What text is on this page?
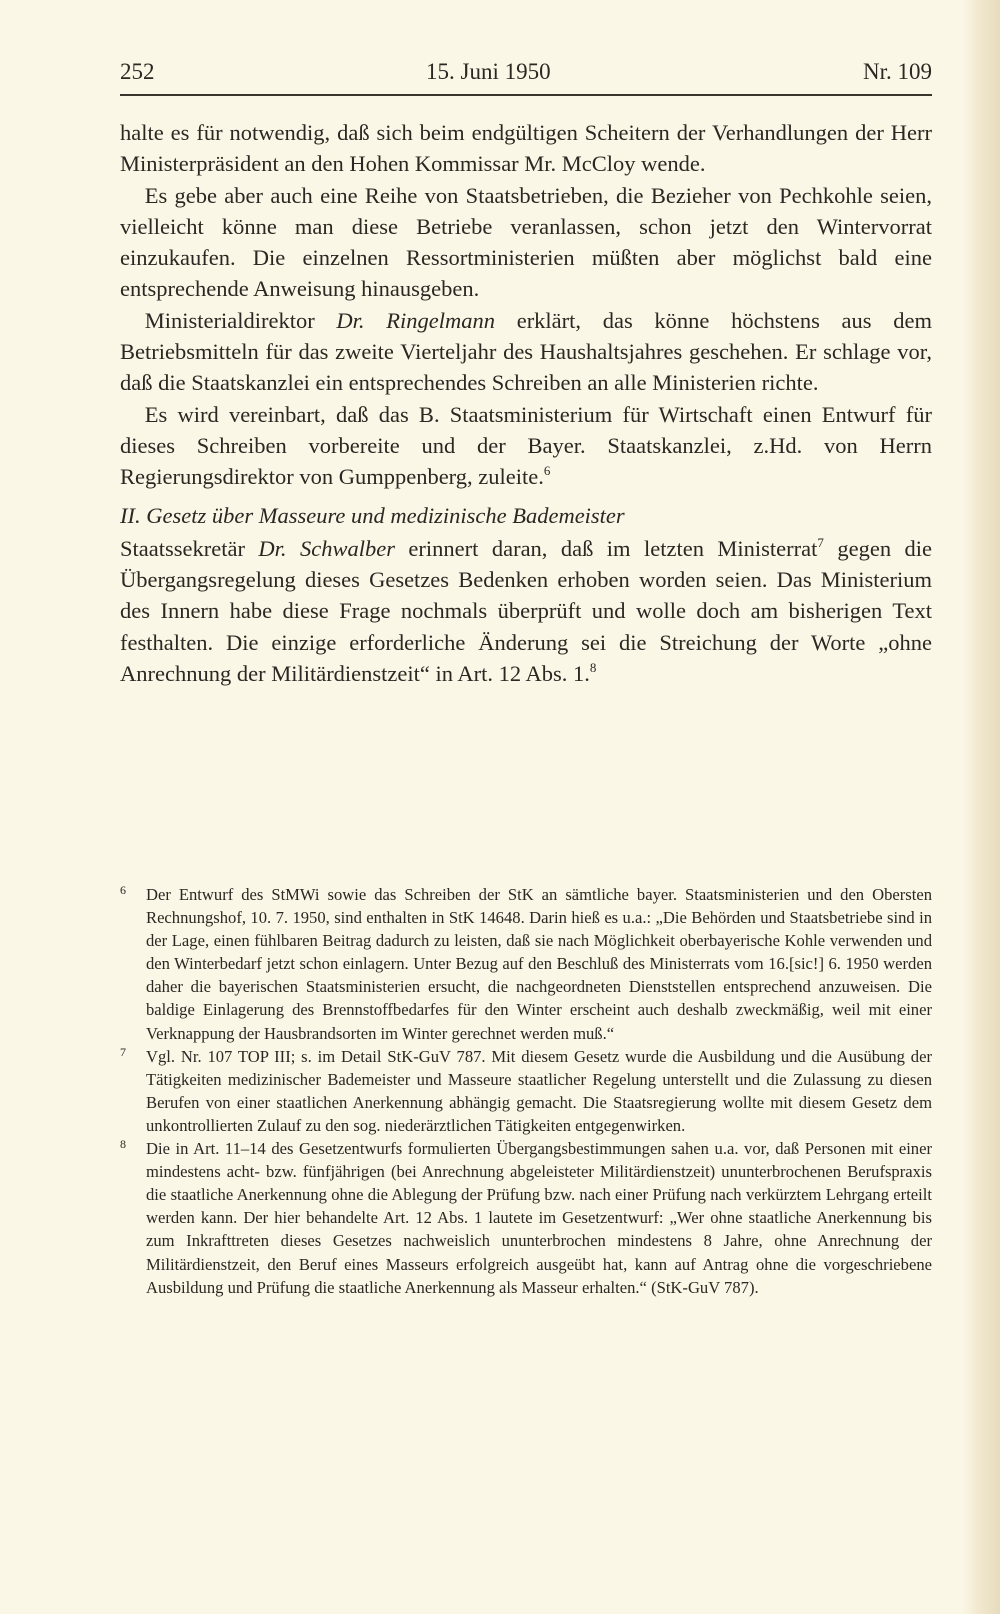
252	15. Juni 1950	Nr. 109

halte es für notwendig, daß sich beim endgültigen Scheitern der Verhandlungen der Herr Ministerpräsident an den Hohen Kommissar Mr. McCloy wende.

Es gebe aber auch eine Reihe von Staatsbetrieben, die Bezieher von Pechkohle seien, vielleicht könne man diese Betriebe veranlassen, schon jetzt den Wintervorrat einzukaufen. Die einzelnen Ressortministerien müßten aber möglichst bald eine entsprechende Anweisung hinausgeben.

Ministerialdirektor Dr. Ringelmann erklärt, das könne höchstens aus dem Betriebsmitteln für das zweite Vierteljahr des Haushaltsjahres geschehen. Er schlage vor, daß die Staatskanzlei ein entsprechendes Schreiben an alle Ministerien richte.

Es wird vereinbart, daß das B. Staatsministerium für Wirtschaft einen Entwurf für dieses Schreiben vorbereite und der Bayer. Staatskanzlei, z.Hd. von Herrn Regierungsdirektor von Gumppenberg, zuleite.$^6$

II. Gesetz über Masseure und medizinische Bademeister

Staatssekretär Dr. Schwalber erinnert daran, daß im letzten Ministerrat$^7$ gegen die Übergangsregelung dieses Gesetzes Bedenken erhoben worden seien. Das Ministerium des Innern habe diese Frage nochmals überprüft und wolle doch am bisherigen Text festhalten. Die einzige erforderliche Änderung sei die Streichung der Worte „ohne Anrechnung der Militärdienstzeit“ in Art. 12 Abs. 1.$^8$

6	Der Entwurf des StMWi sowie das Schreiben der StK an sämtliche bayer. Staatsministerien und den Obersten Rechnungshof, 10. 7. 1950, sind enthalten in StK 14648. Darin hieß es u.a.: „Die Behörden und Staatsbetriebe sind in der Lage, einen fühlbaren Beitrag dadurch zu leisten, daß sie nach Möglichkeit oberbayerische Kohle verwenden und den Winterbedarf jetzt schon einlagern. Unter Bezug auf den Beschluß des Ministerrats vom 16.[sic!] 6. 1950 werden daher die bayerischen Staatsministerien ersucht, die nachgeordneten Dienststellen entsprechend anzuweisen. Die baldige Einlagerung des Brennstoffbedarfes für den Winter erscheint auch deshalb zweckmäßig, weil mit einer Verknappung der Hausbrandsorten im Winter gerechnet werden muß.“
7	Vgl. Nr. 107 TOP III; s. im Detail StK-GuV 787. Mit diesem Gesetz wurde die Ausbildung und die Ausübung der Tätigkeiten medizinischer Bademeister und Masseure staatlicher Regelung unterstellt und die Zulassung zu diesen Berufen von einer staatlichen Anerkennung abhängig gemacht. Die Staatsregierung wollte mit diesem Gesetz dem unkontrollierten Zulauf zu den sog. niederärztlichen Tätigkeiten entgegenwirken.
8	Die in Art. 11–14 des Gesetzentwurfs formulierten Übergangsbestimmungen sahen u.a. vor, daß Personen mit einer mindestens acht- bzw. fünfjährigen (bei Anrechnung abgeleisteter Militärdienstzeit) ununterbrochenen Berufspraxis die staatliche Anerkennung ohne die Ablegung der Prüfung bzw. nach einer Prüfung nach verkürztem Lehrgang erteilt werden kann. Der hier behandelte Art. 12 Abs. 1 lautete im Gesetzentwurf: „Wer ohne staatliche Anerkennung bis zum Inkrafttreten dieses Gesetzes nachweislich ununterbrochen mindestens 8 Jahre, ohne Anrechnung der Militärdienstzeit, den Beruf eines Masseurs erfolgreich ausgeübt hat, kann auf Antrag ohne die vorgeschriebene Ausbildung und Prüfung die staatliche Anerkennung als Masseur erhalten.“ (StK-GuV 787).
